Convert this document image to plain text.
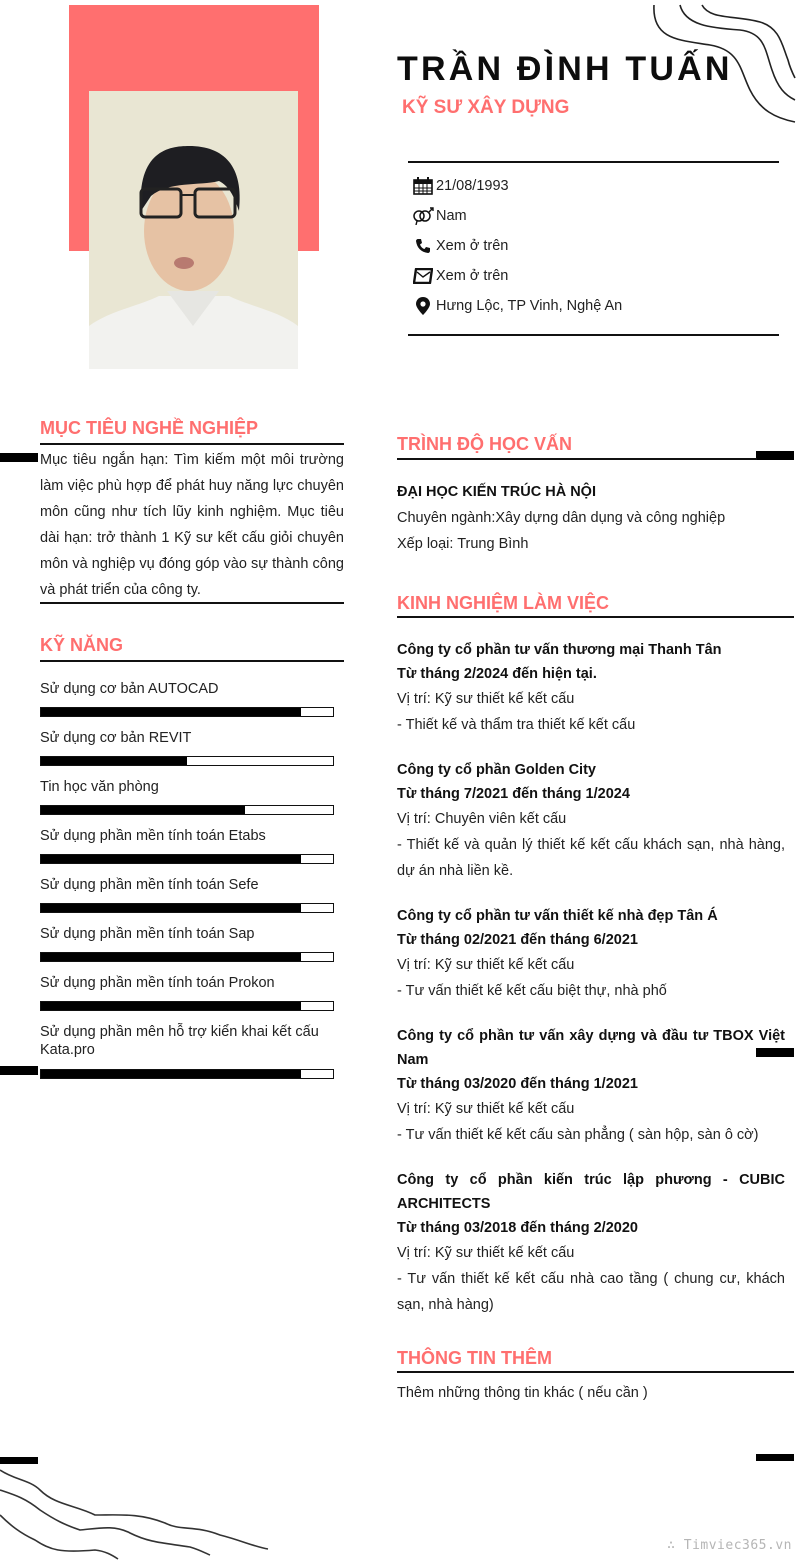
TRẦN ĐÌNH TUẤN
KỸ SƯ XÂY DỰNG
21/08/1993
Nam
Xem ở trên
Xem ở trên
Hưng Lộc, TP Vinh, Nghệ An
MỤC TIÊU NGHỀ NGHIỆP
Mục tiêu ngắn hạn: Tìm kiếm một môi trường làm việc phù hợp để phát huy năng lực chuyên môn cũng như tích lũy kinh nghiệm. Mục tiêu dài hạn: trở thành 1 Kỹ sư kết cấu giỏi chuyên môn và nghiệp vụ đóng góp vào sự thành công và phát triển của công ty.
KỸ NĂNG
Sử dụng cơ bản AUTOCAD
Sử dụng cơ bản REVIT
Tin học văn phòng
Sử dụng phần mền tính toán Etabs
Sử dụng phần mền tính toán Sefe
Sử dụng phần mền tính toán Sap
Sử dụng phần mền tính toán Prokon
Sử dụng phần mên hỗ trợ kiển khai kết cấu Kata.pro
TRÌNH ĐỘ HỌC VẤN
ĐẠI HỌC KIẾN TRÚC HÀ NỘI
Chuyên ngành:Xây dựng dân dụng và công nghiệp
Xếp loại: Trung Bình
KINH NGHIỆM LÀM VIỆC
Công ty cổ phần tư vấn thương mại Thanh Tân
Từ tháng 2/2024 đến hiện tại.
Vị trí: Kỹ sư thiết kế kết cấu
- Thiết kế và thẩm tra thiết kế kết cấu
Công ty cổ phần Golden City
Từ tháng 7/2021 đến tháng 1/2024
Vị trí: Chuyên viên kết cấu
- Thiết kế và quản lý thiết kế kết cấu khách sạn, nhà hàng, dự án nhà liền kề.
Công ty cổ phần tư vấn thiết kế nhà đẹp Tân Á
Từ tháng 02/2021 đến tháng 6/2021
Vị trí: Kỹ sư thiết kế kết cấu
- Tư vấn thiết kế kết cấu biệt thự, nhà phố
Công ty cổ phần tư vấn xây dựng và đầu tư TBOX Việt Nam
Từ tháng 03/2020 đến tháng 1/2021
Vị trí: Kỹ sư thiết kế kết cấu
- Tư vấn thiết kế kết cấu sàn phẳng ( sàn hộp, sàn ô cờ)
Công ty cổ phần kiến trúc lập phương - CUBIC ARCHITECTS
Từ tháng 03/2018 đến tháng 2/2020
Vị trí: Kỹ sư thiết kế kết cấu
- Tư vấn thiết kế kết cấu nhà cao tầng ( chung cư, khách sạn, nhà hàng)
THÔNG TIN THÊM
Thêm những thông tin khác ( nếu cần )
∴ Timviec365.vn
